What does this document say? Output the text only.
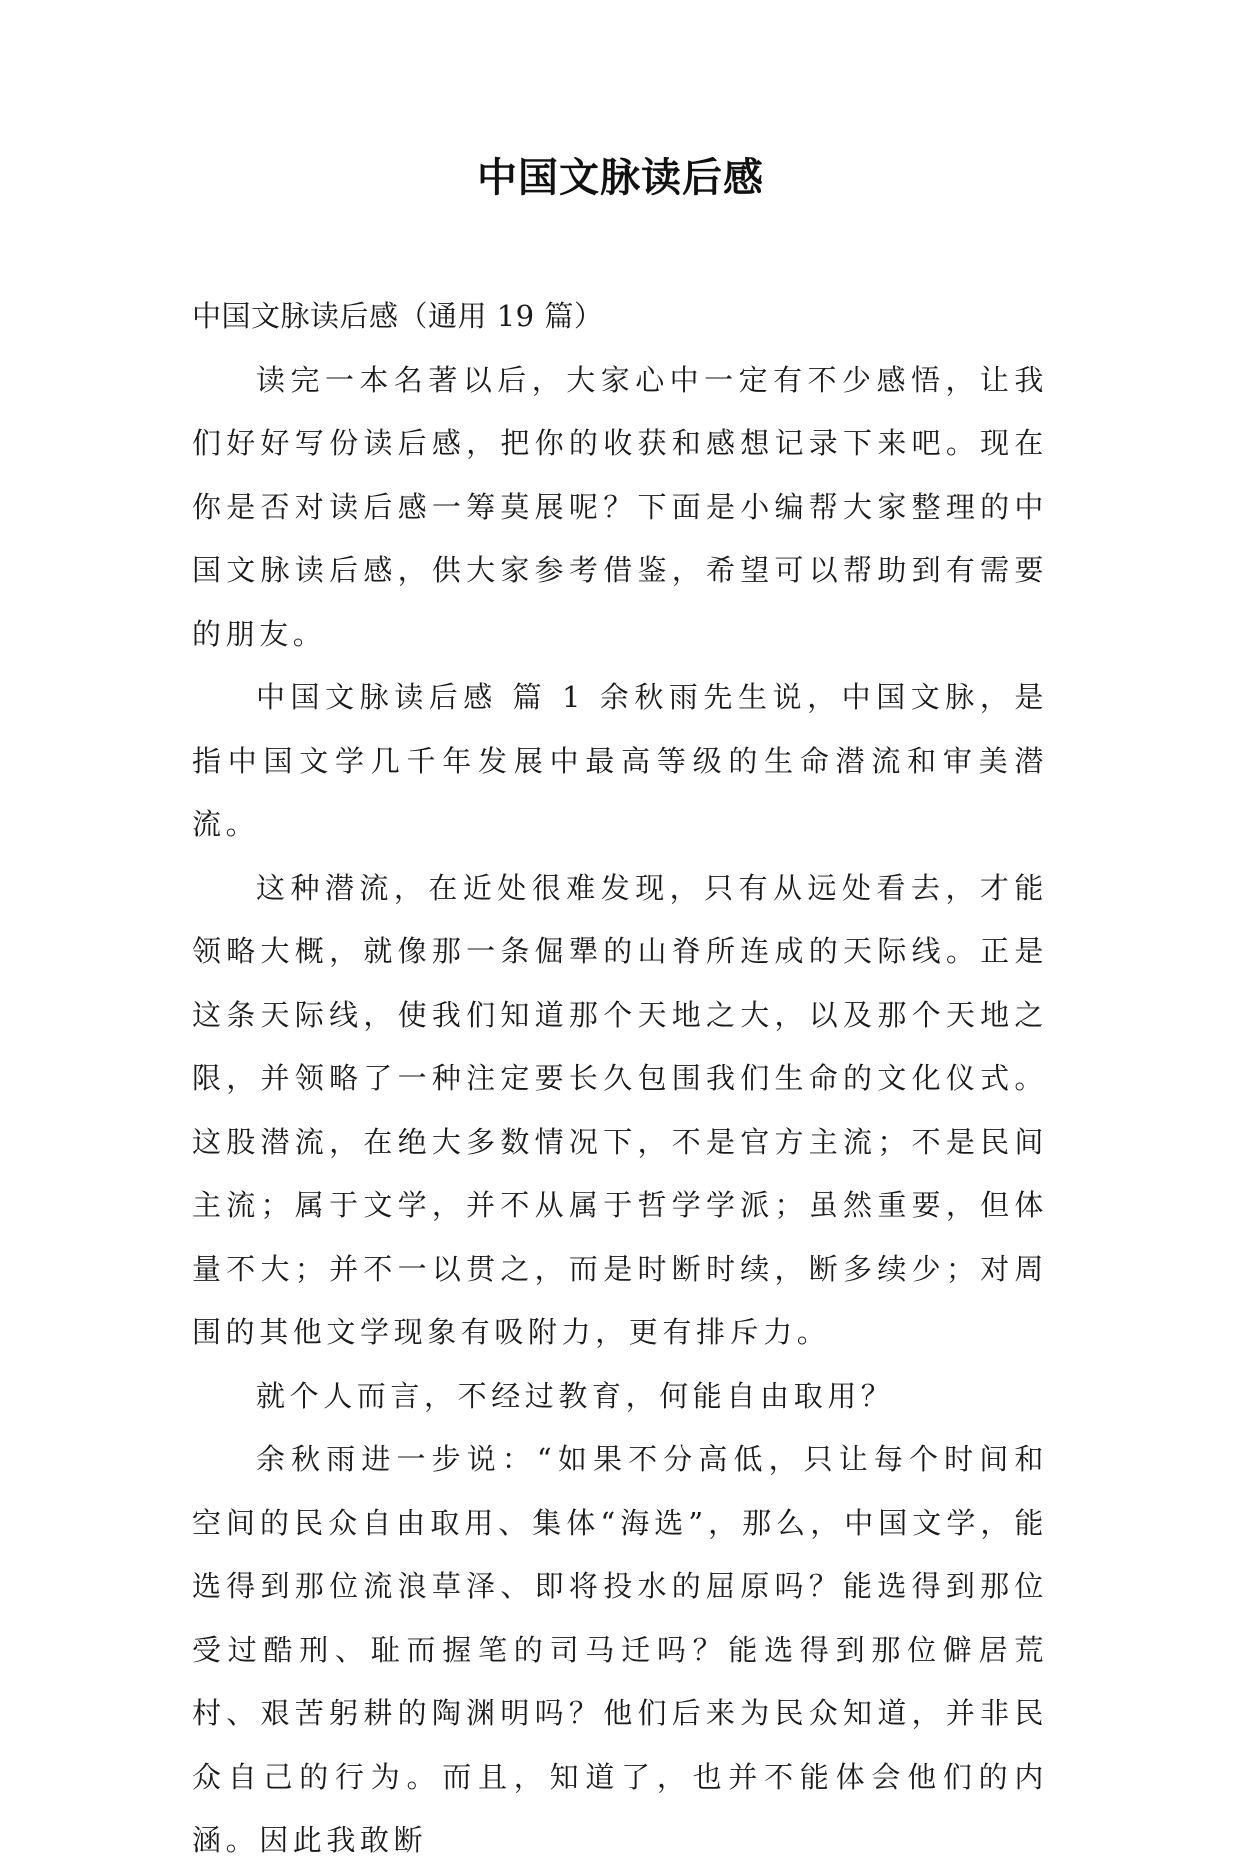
中国文脉读后感

中国文脉读后感（通用 19 篇）

读完一本名著以后，大家心中一定有不少感悟，让我们好好写份读后感，把你的收获和感想记录下来吧。现在你是否对读后感一筹莫展呢？下面是小编帮大家整理的中国文脉读后感，供大家参考借鉴，希望可以帮助到有需要的朋友。

中国文脉读后感 篇 1 余秋雨先生说，中国文脉，是指中国文学几千年发展中最高等级的生命潜流和审美潜流。

这种潜流，在近处很难发现，只有从远处看去，才能领略大概，就像那一条倔犟的山脊所连成的天际线。正是这条天际线，使我们知道那个天地之大，以及那个天地之限，并领略了一种注定要长久包围我们生命的文化仪式。这股潜流，在绝大多数情况下，不是官方主流；不是民间主流；属于文学，并不从属于哲学学派；虽然重要，但体量不大；并不一以贯之，而是时断时续，断多续少；对周围的其他文学现象有吸附力，更有排斥力。

就个人而言，不经过教育，何能自由取用？

余秋雨进一步说：“如果不分高低，只让每个时间和空间的民众自由取用、集体“海选”，那么，中国文学，能选得到那位流浪草泽、即将投水的屈原吗？能选得到那位受过酷刑、耻而握笔的司马迁吗？能选得到那位僻居荒村、艰苦躬耕的陶渊明吗？他们后来为民众知道，并非民众自己的行为。而且，知道了，也并不能体会他们的内涵。因此我敢断
